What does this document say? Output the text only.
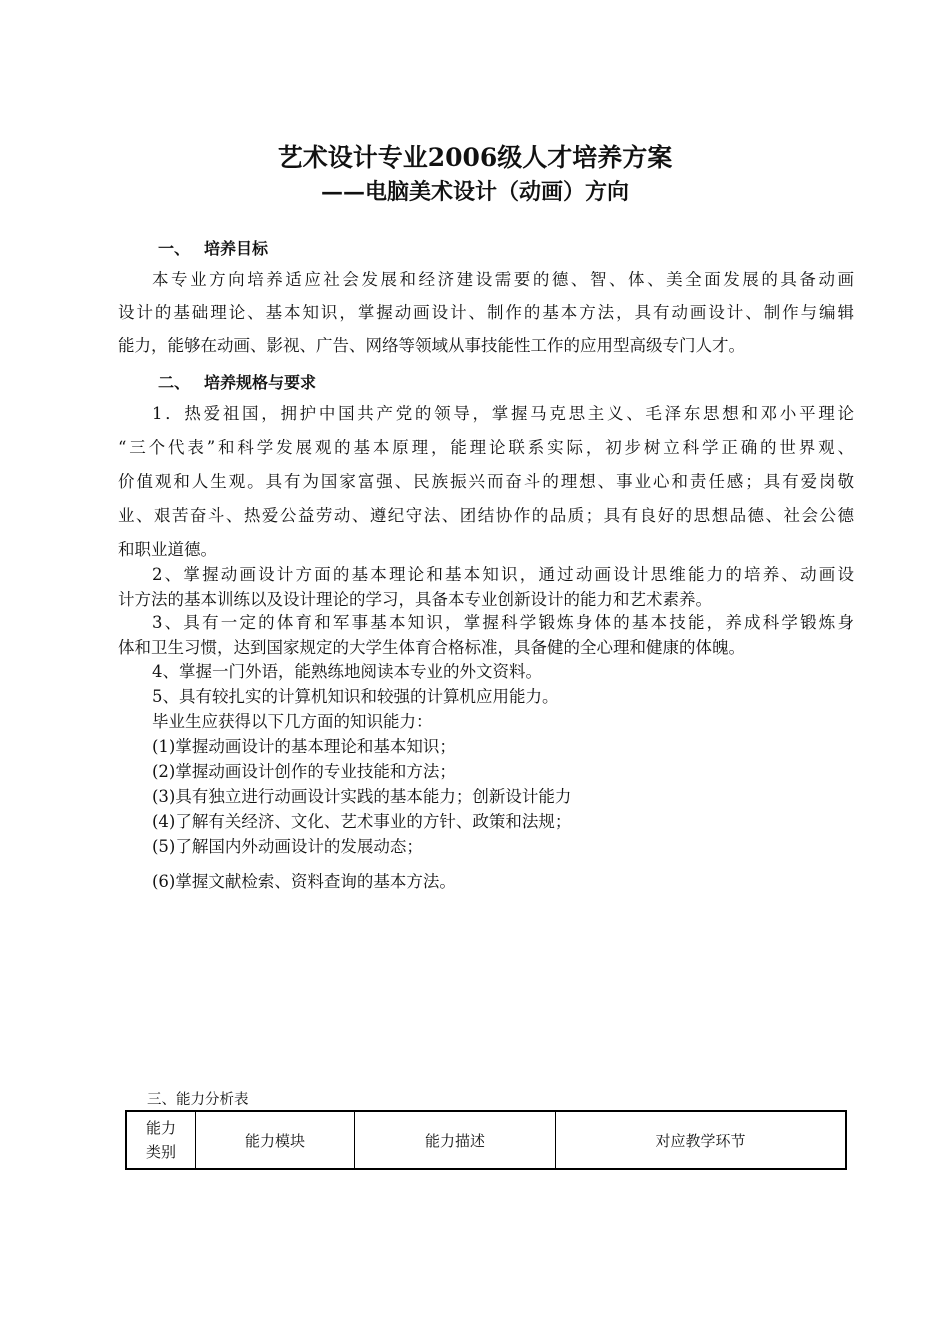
艺术设计专业2006级人才培养方案
——电脑美术设计（动画）方向
一、 培养目标
本专业方向培养适应社会发展和经济建设需要的德、智、体、美全面发展的具备动画
设计的基础理论、基本知识，掌握动画设计、制作的基本方法，具有动画设计、制作与编辑
能力，能够在动画、影视、广告、网络等领域从事技能性工作的应用型高级专门人才。
二、 培养规格与要求
1．热爱祖国，拥护中国共产党的领导，掌握马克思主义、毛泽东思想和邓小平理论
“三个代表”和科学发展观的基本原理，能理论联系实际，初步树立科学正确的世界观、
价值观和人生观。具有为国家富强、民族振兴而奋斗的理想、事业心和责任感；具有爱岗敬
业、艰苦奋斗、热爱公益劳动、遵纪守法、团结协作的品质；具有良好的思想品德、社会公德
和职业道德。
2、掌握动画设计方面的基本理论和基本知识，通过动画设计思维能力的培养、动画设
计方法的基本训练以及设计理论的学习，具备本专业创新设计的能力和艺术素养。
3、具有一定的体育和军事基本知识，掌握科学锻炼身体的基本技能，养成科学锻炼身
体和卫生习惯，达到国家规定的大学生体育合格标准，具备健的全心理和健康的体魄。
4、掌握一门外语，能熟练地阅读本专业的外文资料。
5、具有较扎实的计算机知识和较强的计算机应用能力。
毕业生应获得以下几方面的知识能力：
(1)掌握动画设计的基本理论和基本知识；
(2)掌握动画设计创作的专业技能和方法；
(3)具有独立进行动画设计实践的基本能力；创新设计能力
(4)了解有关经济、文化、艺术事业的方针、政策和法规；
(5)了解国内外动画设计的发展动态；
(6)掌握文献检索、资料查询的基本方法。
三、能力分析表
能力
类别	能力模块	能力描述	对应教学环节
